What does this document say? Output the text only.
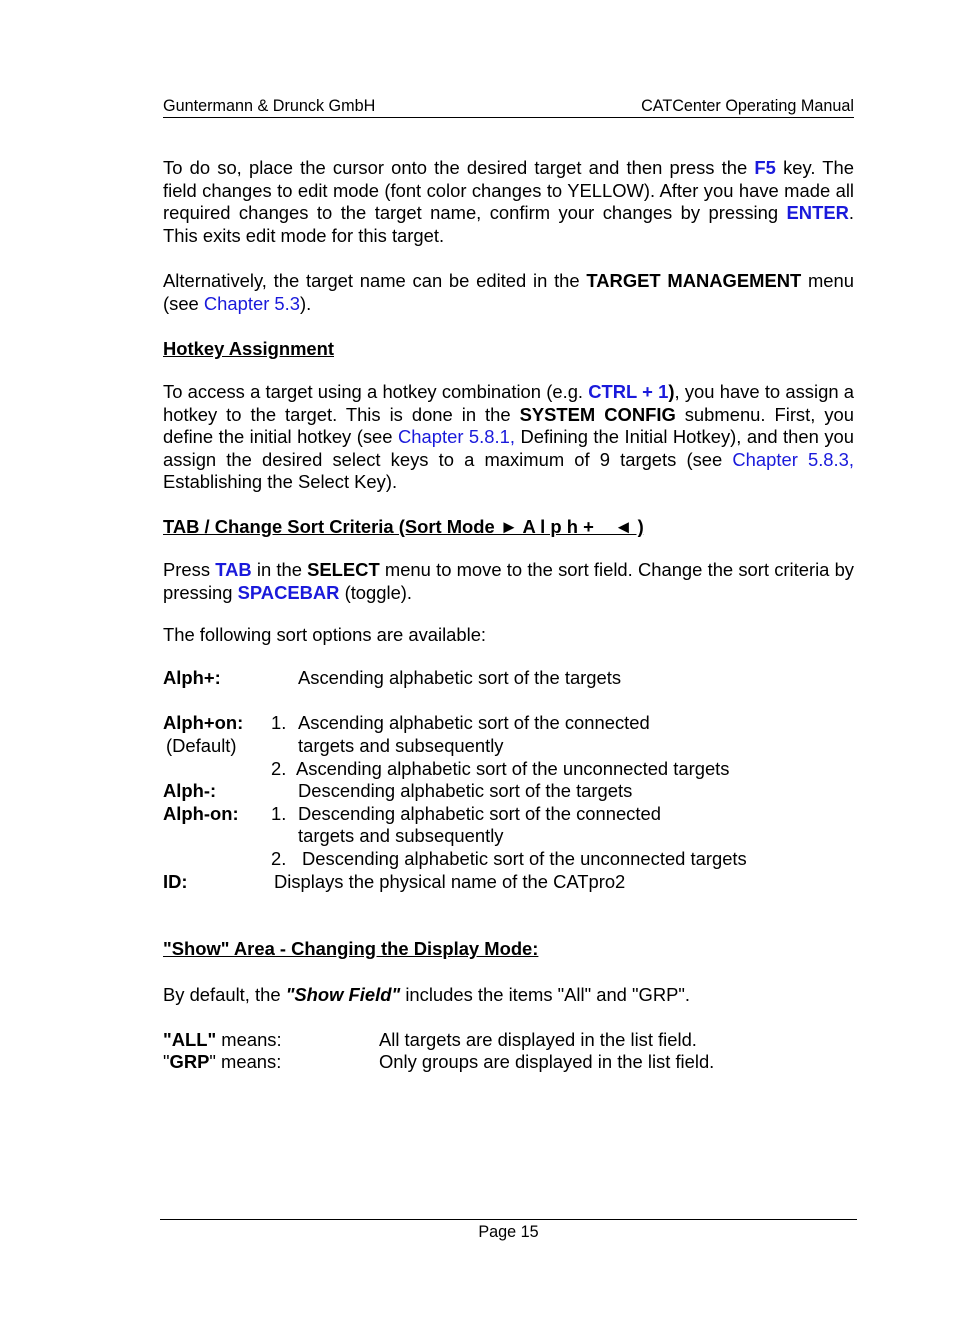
Guntermann & Drunck GmbH	CATCenter Operating Manual
To do so, place the cursor onto the desired target and then press the F5 key. The field changes to edit mode (font color changes to YELLOW). After you have made all required changes to the target name, confirm your changes by pressing ENTER. This exits edit mode for this target.
Alternatively, the target name can be edited in the TARGET MANAGEMENT menu (see Chapter 5.3).
Hotkey Assignment
To access a target using a hotkey combination (e.g. CTRL + 1), you have to assign a hotkey to the target. This is done in the SYSTEM CONFIG submenu. First, you define the initial hotkey (see Chapter 5.8.1, Defining the Initial Hotkey), and then you assign the desired select keys to a maximum of 9 targets (see Chapter 5.8.3, Establishing the Select Key).
TAB / Change Sort Criteria (Sort Mode ► A l p h +    ◄ )
Press TAB in the SELECT menu to move to the sort field. Change the sort criteria by pressing SPACEBAR (toggle).
The following sort options are available:
Alph+:	Ascending alphabetic sort of the targets
Alph+on: 1. Ascending alphabetic sort of the connected
(Default)	targets and subsequently
2. Ascending alphabetic sort of the unconnected targets
Alph-:	Descending alphabetic sort of the targets
Alph-on: 1. Descending alphabetic sort of the connected
targets and subsequently
2. Descending alphabetic sort of the unconnected targets
ID:	Displays the physical name of the CATpro2
"Show" Area - Changing the Display Mode:
By default, the "Show Field" includes the items "All" and "GRP".
"ALL" means:	All targets are displayed in the list field.
"GRP" means:	Only groups are displayed in the list field.
Page 15
